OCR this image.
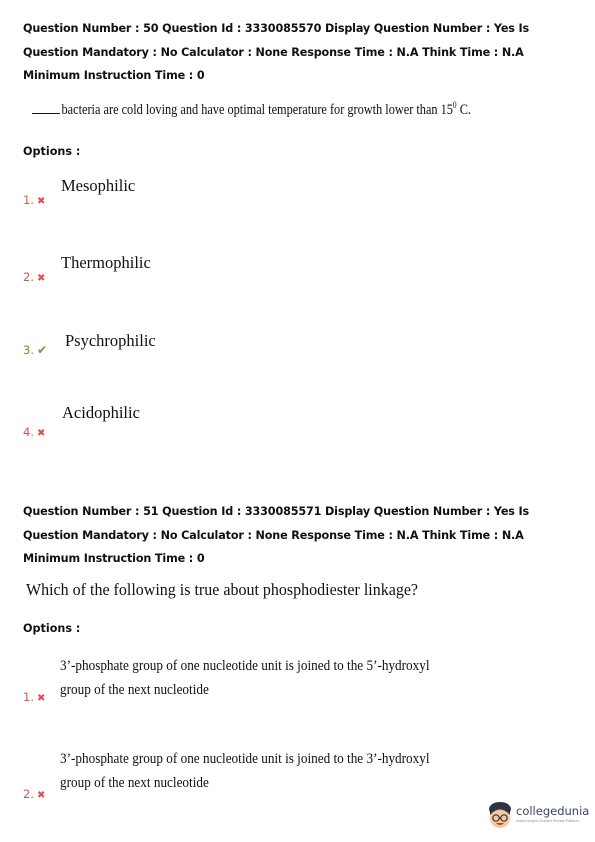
Question Number : 50 Question Id : 3330085570 Display Question Number : Yes Is Question Mandatory : No Calculator : None Response Time : N.A Think Time : N.A Minimum Instruction Time : 0
bacteria are cold loving and have optimal temperature for growth lower than $15^0$ C.
Options :
1. ✖
Mesophilic
2. ✖
Thermophilic
3. ✔ Psychrophilic
4. ✖
Acidophilic
Question Number : 51 Question Id : 3330085571 Display Question Number : Yes Is Question Mandatory : No Calculator : None Response Time : N.A Think Time : N.A Minimum Instruction Time : 0
Which of the following is true about phosphodiester linkage?
Options :
1. ✖
3’-phosphate group of one nucleotide unit is joined to the 5’-hydroxyl group of the next nucleotide
2. ✖
3’-phosphate group of one nucleotide unit is joined to the 3’-hydroxyl group of the next nucleotide
collegedunia
India's largest Student Review Platform
